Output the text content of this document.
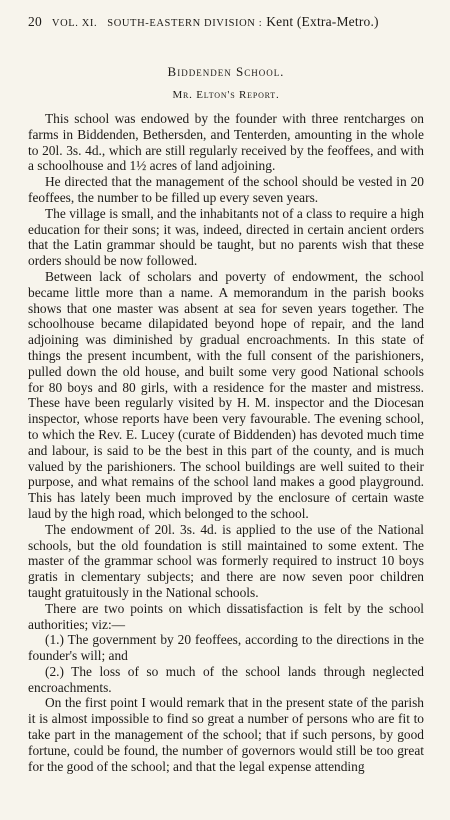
20 VOL. XI. SOUTH-EASTERN DIVISION : Kent (Extra-Metro.)
Biddenden School.
Mr. Elton's Report.

This school was endowed by the founder with three rentcharges on farms in Biddenden, Bethersden, and Tenterden, amounting in the whole to 20l. 3s. 4d., which are still regularly received by the feoffees, and with a schoolhouse and 1½ acres of land adjoining.

He directed that the management of the school should be vested in 20 feoffees, the number to be filled up every seven years.

The village is small, and the inhabitants not of a class to require a high education for their sons; it was, indeed, directed in certain ancient orders that the Latin grammar should be taught, but no parents wish that these orders should be now followed.

Between lack of scholars and poverty of endowment, the school became little more than a name. A memorandum in the parish books shows that one master was absent at sea for seven years together. The schoolhouse became dilapidated beyond hope of repair, and the land adjoining was diminished by gradual encroachments. In this state of things the present incumbent, with the full consent of the parishioners, pulled down the old house, and built some very good National schools for 80 boys and 80 girls, with a residence for the master and mistress. These have been regularly visited by H. M. inspector and the Diocesan inspector, whose reports have been very favourable. The evening school, to which the Rev. E. Lucey (curate of Biddenden) has devoted much time and labour, is said to be the best in this part of the county, and is much valued by the parishioners. The school buildings are well suited to their purpose, and what remains of the school land makes a good playground. This has lately been much improved by the enclosure of certain waste laud by the high road, which belonged to the school.

The endowment of 20l. 3s. 4d. is applied to the use of the National schools, but the old foundation is still maintained to some extent. The master of the grammar school was formerly required to instruct 10 boys gratis in clementary subjects; and there are now seven poor children taught gratuitously in the National schools.

There are two points on which dissatisfaction is felt by the school authorities; viz:—

(1.) The government by 20 feoffees, according to the directions in the founder's will; and

(2.) The loss of so much of the school lands through neglected encroachments.

On the first point I would remark that in the present state of the parish it is almost impossible to find so great a number of persons who are fit to take part in the management of the school; that if such persons, by good fortune, could be found, the number of governors would still be too great for the good of the school; and that the legal expense attending
